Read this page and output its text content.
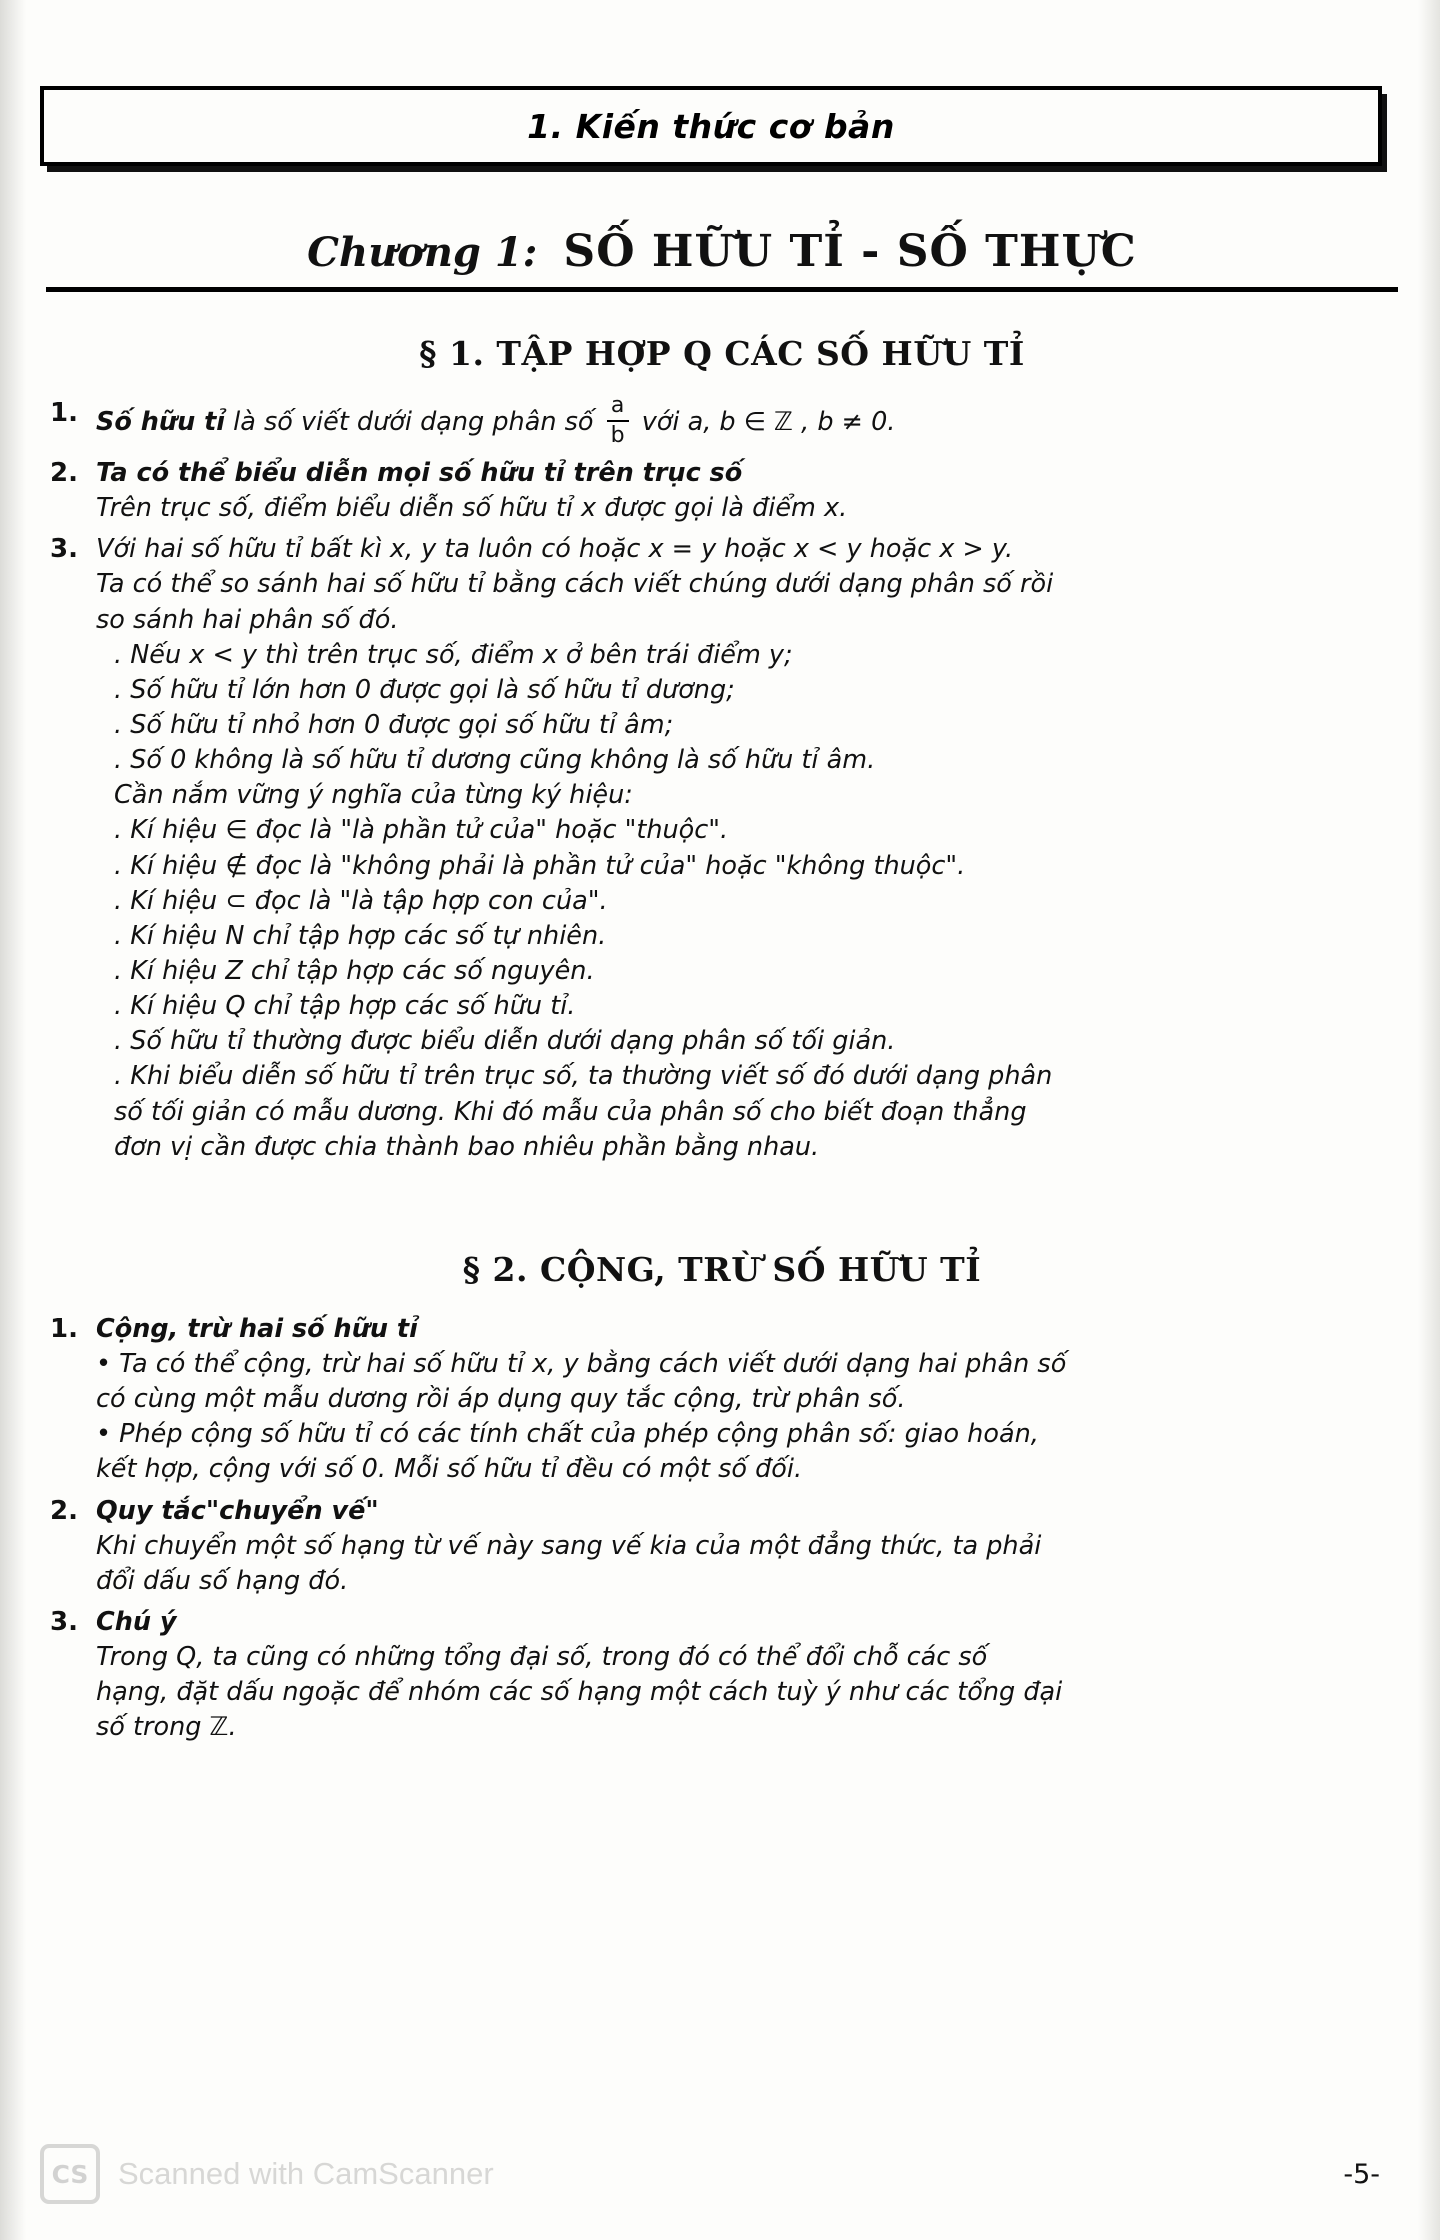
1. Kiến thức cơ bản
Chương 1: SỐ HỮU TỈ - SỐ THỰC
§ 1. TẬP HỢP Q CÁC SỐ HỮU TỈ
1. Số hữu tỉ là số viết dưới dạng phân số $\frac{a}{b}$ với a, b ∈ ℤ , b ≠ 0.
2. Ta có thể biểu diễn mọi số hữu tỉ trên trục số
Trên trục số, điểm biểu diễn số hữu tỉ x được gọi là điểm x.
3. Với hai số hữu tỉ bất kì x, y ta luôn có hoặc x = y hoặc x < y hoặc x > y.
Ta có thể so sánh hai số hữu tỉ bằng cách viết chúng dưới dạng phân số rồi
so sánh hai phân số đó.
. Nếu x < y thì trên trục số, điểm x ở bên trái điểm y;
. Số hữu tỉ lớn hơn 0 được gọi là số hữu tỉ dương;
. Số hữu tỉ nhỏ hơn 0 được gọi số hữu tỉ âm;
. Số 0 không là số hữu tỉ dương cũng không là số hữu tỉ âm.
Cần nắm vững ý nghĩa của từng ký hiệu:
. Kí hiệu ∈ đọc là "là phần tử của" hoặc "thuộc".
. Kí hiệu ∉ đọc là "không phải là phần tử của" hoặc "không thuộc".
. Kí hiệu ⊂ đọc là "là tập hợp con của".
. Kí hiệu N chỉ tập hợp các số tự nhiên.
. Kí hiệu Z chỉ tập hợp các số nguyên.
. Kí hiệu Q chỉ tập hợp các số hữu tỉ.
. Số hữu tỉ thường được biểu diễn dưới dạng phân số tối giản.
. Khi biểu diễn số hữu tỉ trên trục số, ta thường viết số đó dưới dạng phân
số tối giản có mẫu dương. Khi đó mẫu của phân số cho biết đoạn thẳng
đơn vị cần được chia thành bao nhiêu phần bằng nhau.
§ 2. CỘNG, TRỪ SỐ HỮU TỈ
1. Cộng, trừ hai số hữu tỉ
• Ta có thể cộng, trừ hai số hữu tỉ x, y bằng cách viết dưới dạng hai phân số
có cùng một mẫu dương rồi áp dụng quy tắc cộng, trừ phân số.
• Phép cộng số hữu tỉ có các tính chất của phép cộng phân số: giao hoán,
kết hợp, cộng với số 0. Mỗi số hữu tỉ đều có một số đối.
2. Quy tắc"chuyển vế"
Khi chuyển một số hạng từ vế này sang vế kia của một đẳng thức, ta phải
đổi dấu số hạng đó.
3. Chú ý
Trong Q, ta cũng có những tổng đại số, trong đó có thể đổi chỗ các số
hạng, đặt dấu ngoặc để nhóm các số hạng một cách tuỳ ý như các tổng đại
số trong ℤ.
CS Scanned with CamScanner	-5-
